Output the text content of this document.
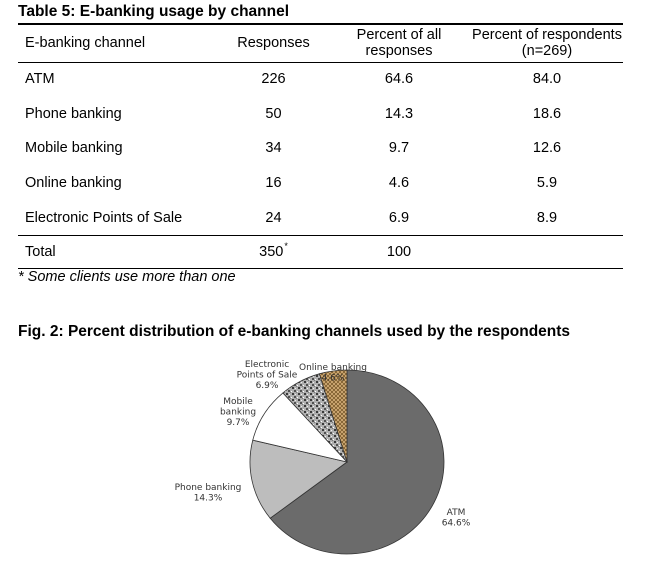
Table 5: E-banking usage by channel
E-banking channel	Responses	Percent of all responses	Percent of respondents (n=269)
ATM	226	64.6	84.0
Phone banking	50	14.3	18.6
Mobile banking	34	9.7	12.6
Online banking	16	4.6	5.9
Electronic Points of Sale	24	6.9	8.9
Total	350*	100	
* Some clients use more than one
Fig. 2: Percent distribution of e-banking channels used by the respondents
ATM 64.6%
Phone banking 14.3%
Mobile banking 9.7%
Electronic Points of Sale 6.9%
Online banking 4.6%
